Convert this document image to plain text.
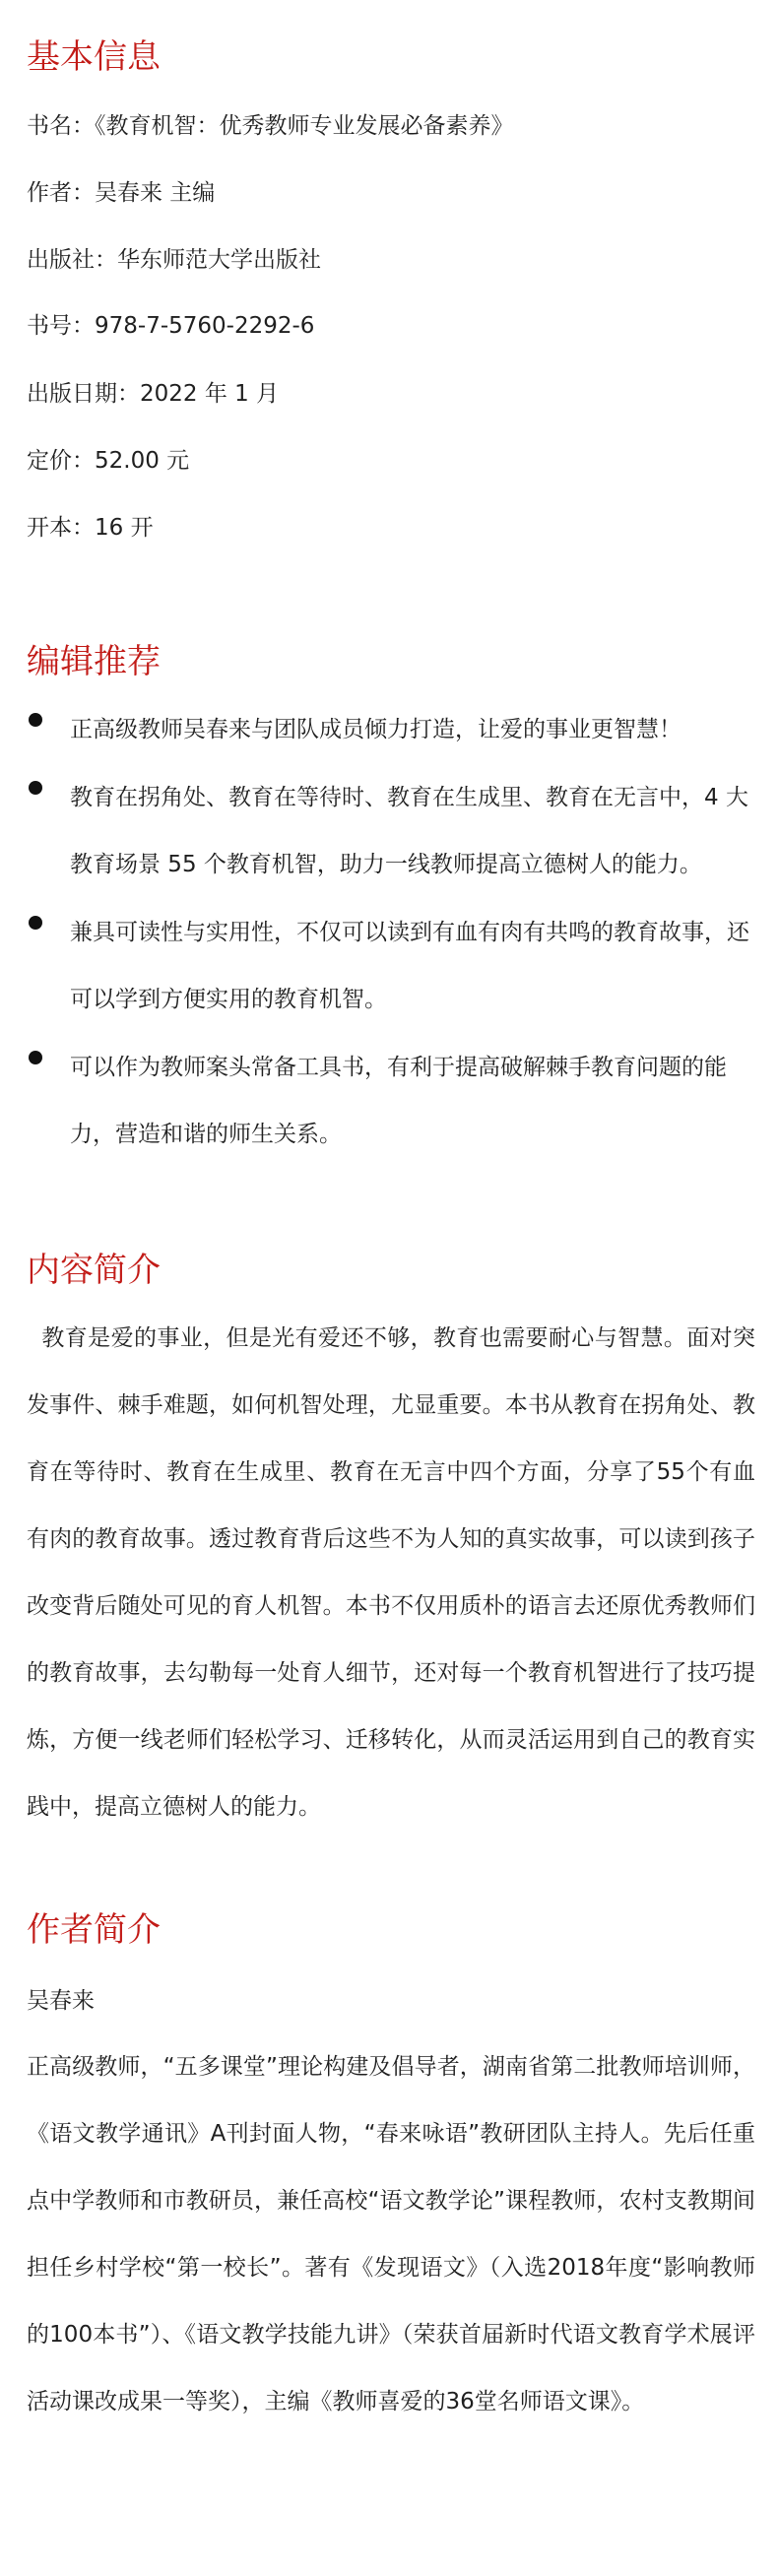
基本信息

书名：《教育机智：优秀教师专业发展必备素养》

作者：吴春来 主编

出版社：华东师范大学出版社

书号：978-7-5760-2292-6

出版日期：2022 年 1 月

定价：52.00 元

开本：16 开

编辑推荐
正高级教师吴春来与团队成员倾力打造，让爱的事业更智慧！
教育在拐角处、教育在等待时、教育在生成里、教育在无言中，4 大教育场景 55 个教育机智，助力一线教师提高立德树人的能力。
兼具可读性与实用性，不仅可以读到有血有肉有共鸣的教育故事，还可以学到方便实用的教育机智。
可以作为教师案头常备工具书，有利于提高破解棘手教育问题的能力，营造和谐的师生关系。
内容简介

教育是爱的事业，但是光有爱还不够，教育也需要耐心与智慧。面对突发事件、棘手难题，如何机智处理，尤显重要。本书从教育在拐角处、教育在等待时、教育在生成里、教育在无言中四个方面，分享了55个有血有肉的教育故事。透过教育背后这些不为人知的真实故事，可以读到孩子改变背后随处可见的育人机智。本书不仅用质朴的语言去还原优秀教师们的教育故事，去勾勒每一处育人细节，还对每一个教育机智进行了技巧提炼，方便一线老师们轻松学习、迁移转化，从而灵活运用到自己的教育实践中，提高立德树人的能力。

作者简介

吴春来

正高级教师，“五多课堂”理论构建及倡导者，湖南省第二批教师培训师，《语文教学通讯》A刊封面人物，“春来咏语”教研团队主持人。先后任重点中学教师和市教研员，兼任高校“语文教学论”课程教师，农村支教期间担任乡村学校“第一校长”。著有《发现语文》（入选2018年度“影响教师的100本书”）、《语文教学技能九讲》（荣获首届新时代语文教育学术展评活动课改成果一等奖），主编《教师喜爱的36堂名师语文课》。
